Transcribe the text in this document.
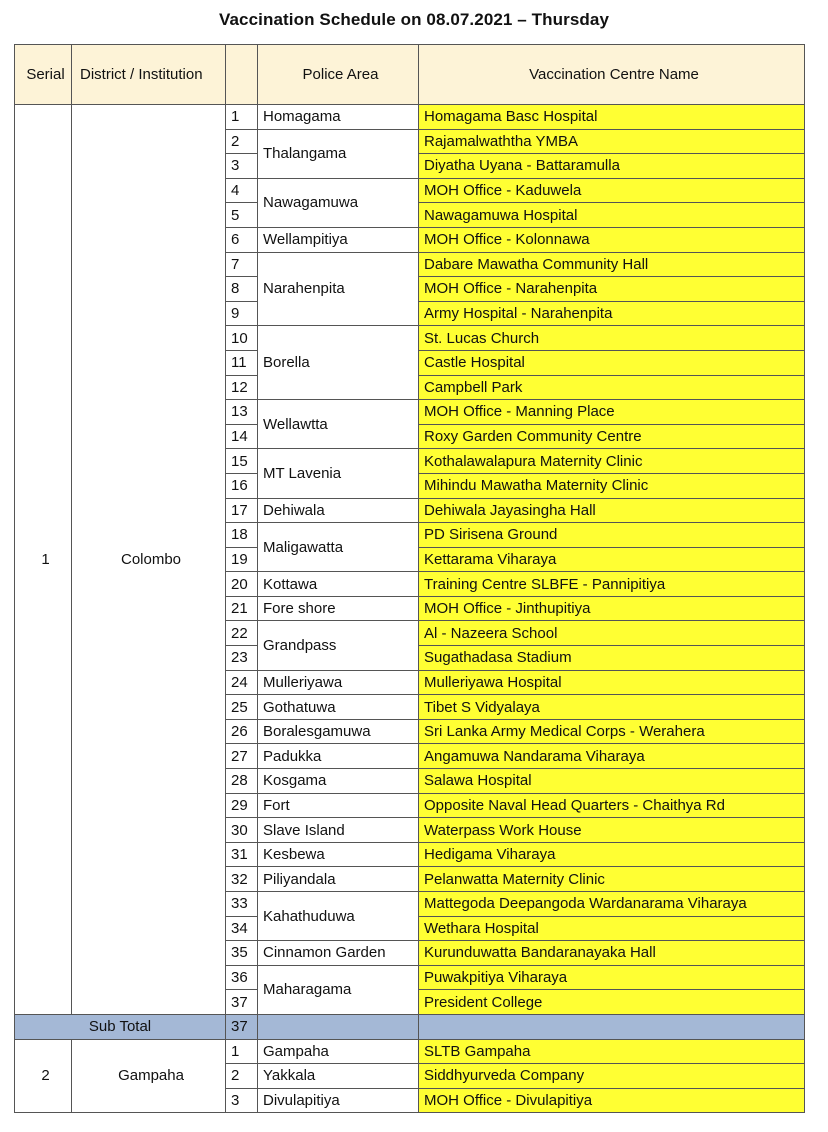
Vaccination Schedule on 08.07.2021 – Thursday
Serial	District / Institution		Police Area	Vaccination Centre Name
1	Colombo	1	Homagama	Homagama Basc Hospital
		2	Thalangama	Rajamalwaththa YMBA
		3		Diyatha Uyana - Battaramulla
		4	Nawagamuwa	MOH Office - Kaduwela
		5		Nawagamuwa Hospital
		6	Wellampitiya	MOH Office - Kolonnawa
		7	Narahenpita	Dabare Mawatha Community Hall
		8		MOH Office - Narahenpita
		9		Army Hospital - Narahenpita
		10	Borella	St. Lucas Church
		11		Castle Hospital
		12		Campbell Park
		13	Wellawtta	MOH Office - Manning Place
		14		Roxy Garden Community Centre
		15	MT Lavenia	Kothalawalapura Maternity Clinic
		16		Mihindu Mawatha Maternity Clinic
		17	Dehiwala	Dehiwala Jayasingha Hall
		18	Maligawatta	PD Sirisena Ground
		19		Kettarama Viharaya
		20	Kottawa	Training Centre SLBFE - Pannipitiya
		21	Fore shore	MOH Office - Jinthupitiya
		22	Grandpass	Al - Nazeera School
		23		Sugathadasa Stadium
		24	Mulleriyawa	Mulleriyawa Hospital
		25	Gothatuwa	Tibet S Vidyalaya
		26	Boralesgamuwa	Sri Lanka Army Medical Corps - Werahera
		27	Padukka	Angamuwa Nandarama Viharaya
		28	Kosgama	Salawa Hospital
		29	Fort	Opposite Naval Head Quarters - Chaithya Rd
		30	Slave Island	Waterpass Work House
		31	Kesbewa	Hedigama Viharaya
		32	Piliyandala	Pelanwatta Maternity Clinic
		33	Kahathuduwa	Mattegoda Deepangoda Wardanarama Viharaya
		34		Wethara Hospital
		35	Cinnamon Garden	Kurunduwatta Bandaranayaka Hall
		36	Maharagama	Puwakpitiya Viharaya
		37		President College
Sub Total		37		
2	Gampaha	1	Gampaha	SLTB Gampaha
		2	Yakkala	Siddhyurveda Company
		3	Divulapitiya	MOH Office - Divulapitiya
